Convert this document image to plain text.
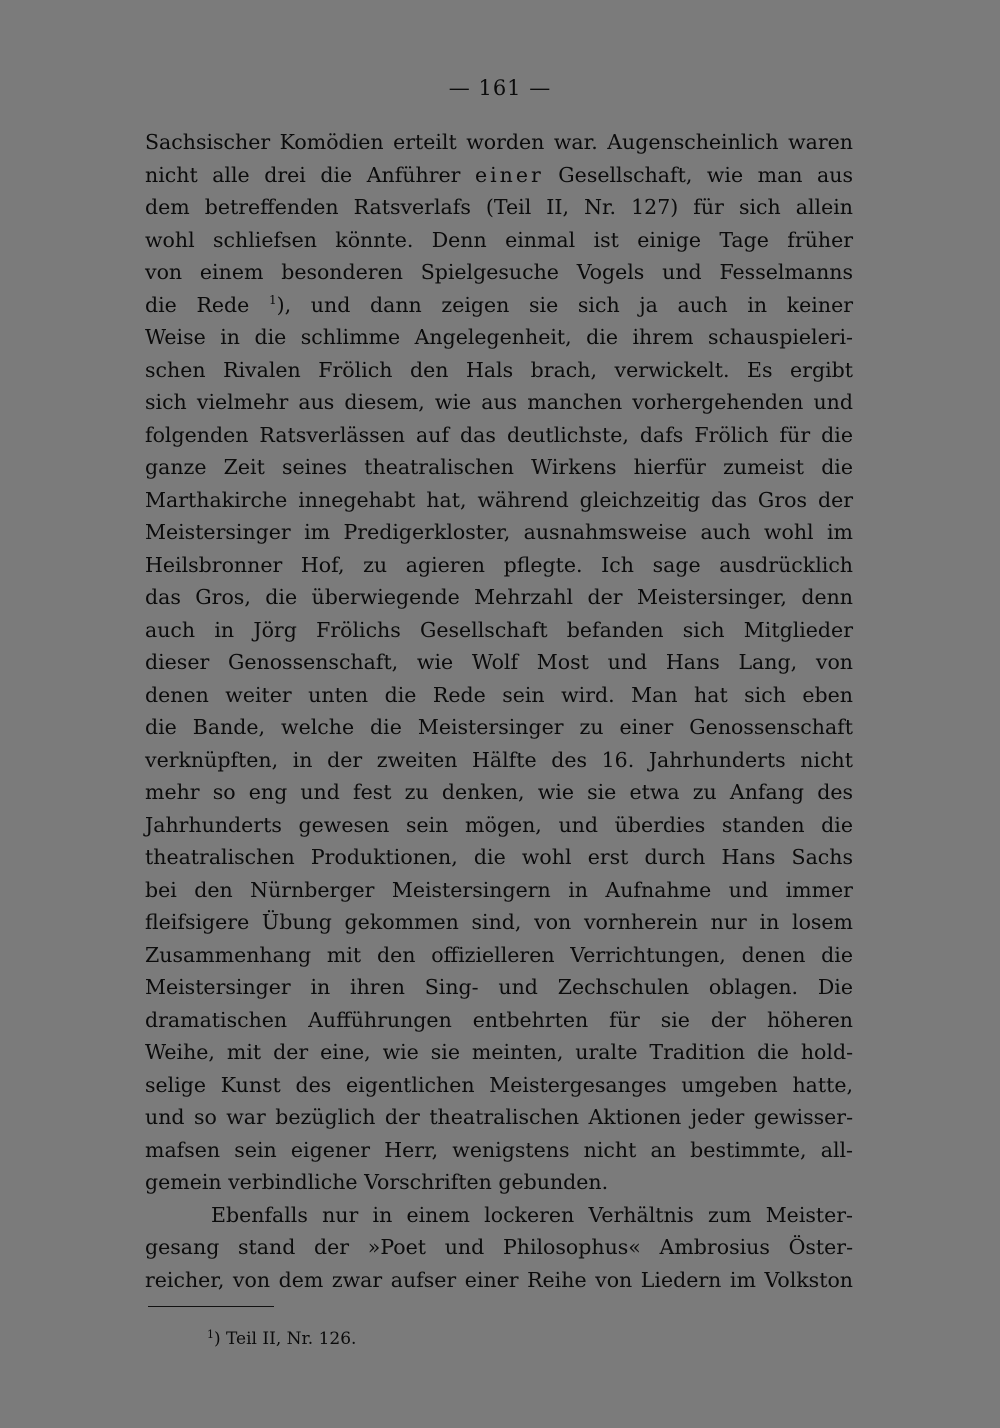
— 161 —
Sachsischer Komödien erteilt worden war. Augenscheinlich waren
nicht alle drei die Anführer einer Gesellschaft, wie man aus
dem betreffenden Ratsverlafs (Teil II, Nr. 127) für sich allein
wohl schliefsen könnte. Denn einmal ist einige Tage früher
von einem besonderen Spielgesuche Vogels und Fesselmanns
die Rede $^1$), und dann zeigen sie sich ja auch in keiner
Weise in die schlimme Angelegenheit, die ihrem schauspieleri-
schen Rivalen Frölich den Hals brach, verwickelt. Es ergibt
sich vielmehr aus diesem, wie aus manchen vorhergehenden und
folgenden Ratsverlässen auf das deutlichste, dafs Frölich für die
ganze Zeit seines theatralischen Wirkens hierfür zumeist die
Marthakirche innegehabt hat, während gleichzeitig das Gros der
Meistersinger im Predigerkloster, ausnahmsweise auch wohl im
Heilsbronner Hof, zu agieren pflegte. Ich sage ausdrücklich
das Gros, die überwiegende Mehrzahl der Meistersinger, denn
auch in Jörg Frölichs Gesellschaft befanden sich Mitglieder
dieser Genossenschaft, wie Wolf Most und Hans Lang, von
denen weiter unten die Rede sein wird. Man hat sich eben
die Bande, welche die Meistersinger zu einer Genossenschaft
verknüpften, in der zweiten Hälfte des 16. Jahrhunderts nicht
mehr so eng und fest zu denken, wie sie etwa zu Anfang des
Jahrhunderts gewesen sein mögen, und überdies standen die
theatralischen Produktionen, die wohl erst durch Hans Sachs
bei den Nürnberger Meistersingern in Aufnahme und immer
fleifsigere Übung gekommen sind, von vornherein nur in losem
Zusammenhang mit den offizielleren Verrichtungen, denen die
Meistersinger in ihren Sing- und Zechschulen oblagen. Die
dramatischen Aufführungen entbehrten für sie der höheren
Weihe, mit der eine, wie sie meinten, uralte Tradition die hold-
selige Kunst des eigentlichen Meistergesanges umgeben hatte,
und so war bezüglich der theatralischen Aktionen jeder gewisser-
mafsen sein eigener Herr, wenigstens nicht an bestimmte, all-
gemein verbindliche Vorschriften gebunden.
Ebenfalls nur in einem lockeren Verhältnis zum Meister-
gesang stand der »Poet und Philosophus« Ambrosius Öster-
reicher, von dem zwar aufser einer Reihe von Liedern im Volkston
$^1$) Teil II, Nr. 126.
